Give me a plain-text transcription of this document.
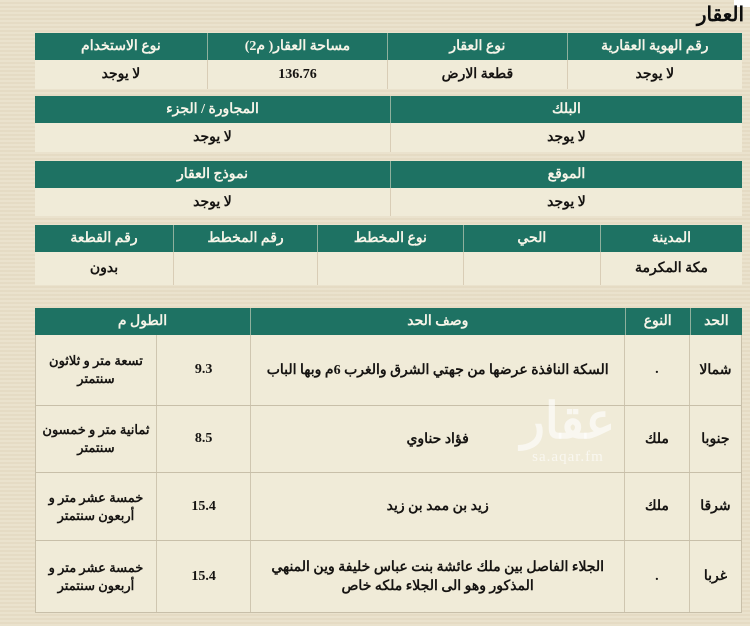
العقار
رقم الهوية العقارية
نوع العقار
مساحة العقار( م2)
نوع الاستخدام
لا يوجد
قطعة الارض
136.76
لا يوجد
البلك
المجاورة / الجزء
لا يوجد
لا يوجد
الموقع
نموذج العقار
لا يوجد
لا يوجد
المدينة
الحي
نوع المخطط
رقم المخطط
رقم القطعة
مكة المكرمة
بدون
الحد
النوع
وصف الحد
الطول م
شمالا
.
السكة النافذة عرضها من جهتي الشرق والغرب 6م وبها الباب
9.3
تسعة متر و ثلاثون سنتمتر
جنوبا
ملك
فؤاد حناوي
8.5
ثمانية متر و خمسون سنتمتر
شرقا
ملك
زيد بن ممد بن زيد
15.4
خمسة عشر متر و أربعون سنتمتر
غربا
.
الجلاء الفاصل بين ملك عائشة بنت عباس خليفة وين المنهي المذكور وهو الى الجلاء ملكه خاص
15.4
خمسة عشر متر و أربعون سنتمتر
عقار
sa.aqar.fm
